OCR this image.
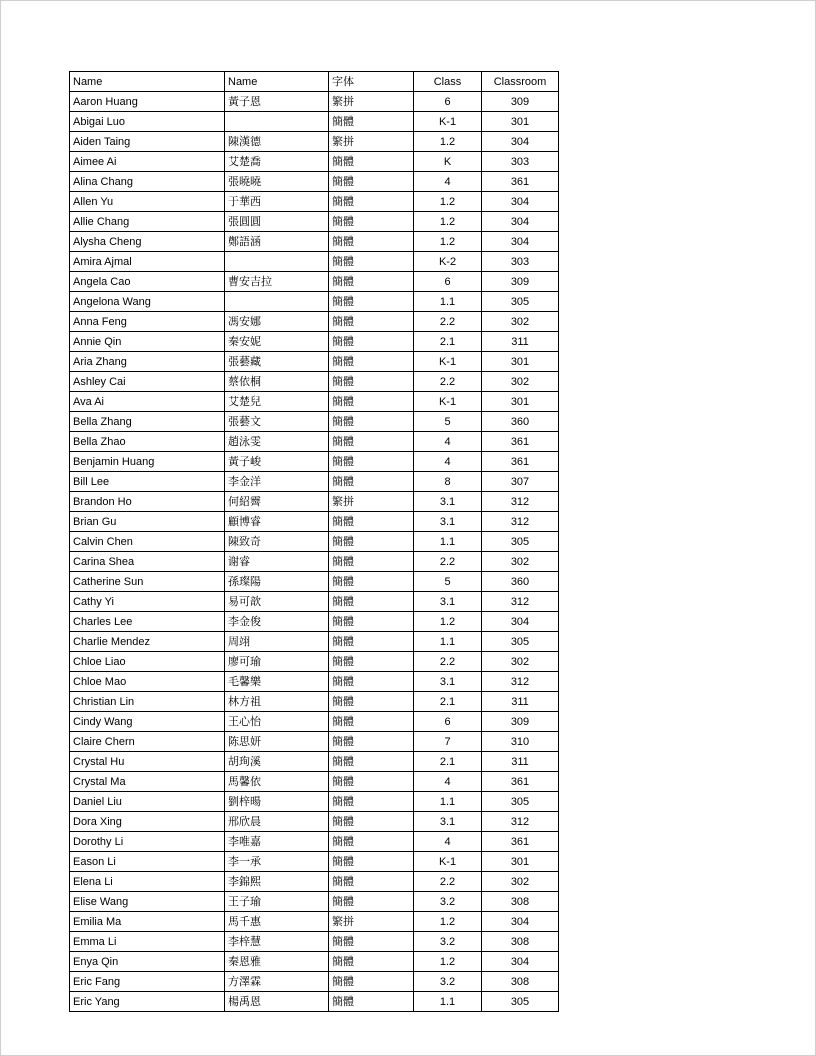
Name	Name	字体	Class	Classroom
Aaron Huang	黃子恩	繁拼	6	309
Abigai Luo		簡體	K-1	301
Aiden Taing	陳漢德	繁拼	1.2	304
Aimee Ai	艾楚喬	簡體	K	303
Alina Chang	張曉曉	簡體	4	361
Allen Yu	于華西	簡體	1.2	304
Allie Chang	張圓圓	簡體	1.2	304
Alysha Cheng	鄭語涵	簡體	1.2	304
Amira Ajmal		簡體	K-2	303
Angela Cao	曹安吉拉	簡體	6	309
Angelona Wang		簡體	1.1	305
Anna Feng	馮安娜	簡體	2.2	302
Annie Qin	秦安妮	簡體	2.1	311
Aria Zhang	張藝藏	簡體	K-1	301
Ashley Cai	蔡依桐	簡體	2.2	302
Ava Ai	艾楚兒	簡體	K-1	301
Bella Zhang	張藝文	簡體	5	360
Bella Zhao	趙泳雯	簡體	4	361
Benjamin Huang	黃子峻	簡體	4	361
Bill Lee	李金洋	簡體	8	307
Brandon Ho	何紹霽	繁拼	3.1	312
Brian Gu	顧博睿	簡體	3.1	312
Calvin Chen	陳致奇	簡體	1.1	305
Carina Shea	谢睿	簡體	2.2	302
Catherine Sun	孫璨陽	簡體	5	360
Cathy Yi	易可歆	簡體	3.1	312
Charles Lee	李金俊	簡體	1.2	304
Charlie Mendez	周翊	簡體	1.1	305
Chloe Liao	廖可瑜	簡體	2.2	302
Chloe Mao	毛馨樂	簡體	3.1	312
Christian Lin	林方祖	簡體	2.1	311
Cindy Wang	王心怡	簡體	6	309
Claire Chern	陈思妍	簡體	7	310
Crystal Hu	胡珣溪	簡體	2.1	311
Crystal Ma	馬馨依	簡體	4	361
Daniel Liu	劉梓暘	簡體	1.1	305
Dora Xing	邢欣晨	簡體	3.1	312
Dorothy Li	李唯嘉	簡體	4	361
Eason Li	李一承	簡體	K-1	301
Elena Li	李錦熙	簡體	2.2	302
Elise Wang	王子瑜	簡體	3.2	308
Emilia Ma	馬千惠	繁拼	1.2	304
Emma Li	李梓慧	簡體	3.2	308
Enya Qin	秦恩雅	簡體	1.2	304
Eric Fang	方澤霖	簡體	3.2	308
Eric Yang	楊禹恩	簡體	1.1	305
